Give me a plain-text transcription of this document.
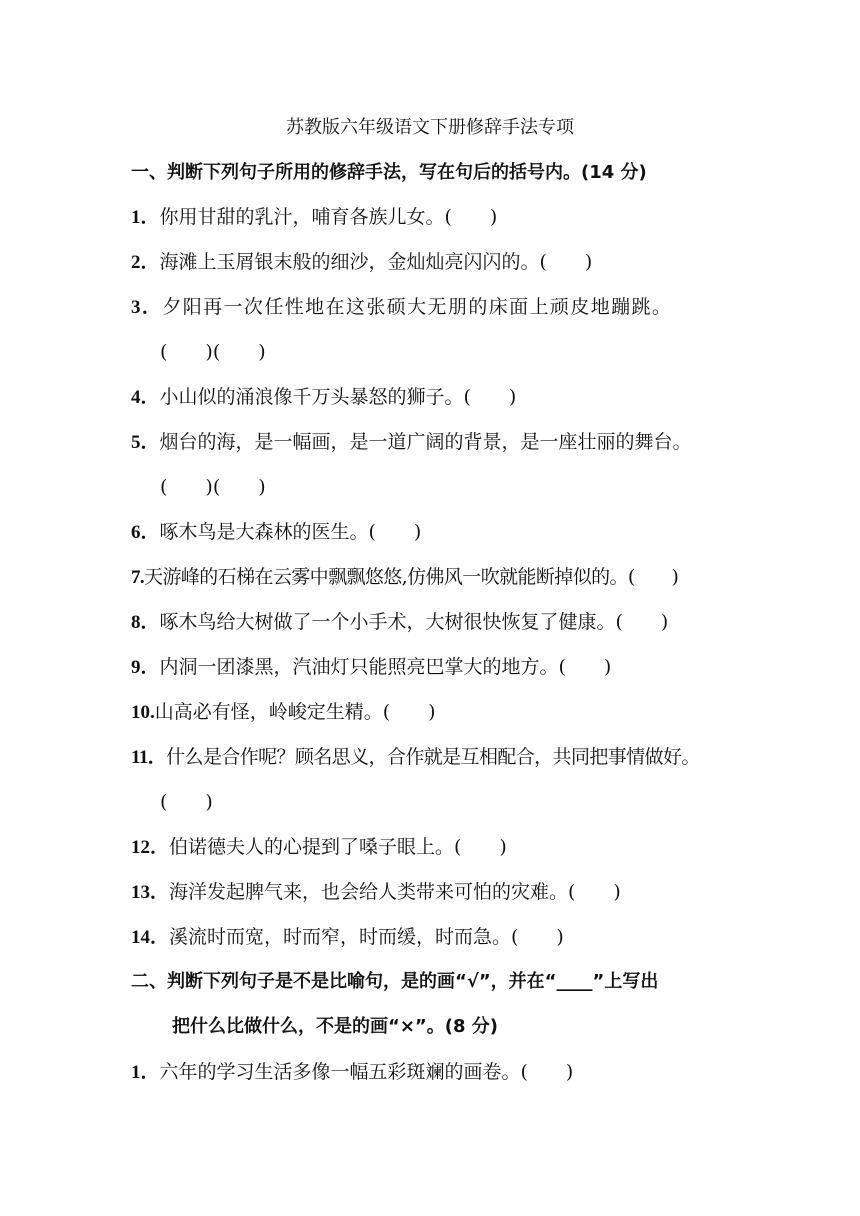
苏教版六年级语文下册修辞手法专项
一、判断下列句子所用的修辞手法，写在句后的括号内。(14 分)
1．你用甘甜的乳汁，哺育各族儿女。(　　)
2．海滩上玉屑银末般的细沙，金灿灿亮闪闪的。(　　)
3．夕阳再一次任性地在这张硕大无朋的床面上顽皮地蹦跳。
(　　)(　　)
4．小山似的涌浪像千万头暴怒的狮子。(　　)
5．烟台的海，是一幅画，是一道广阔的背景，是一座壮丽的舞台。
(　　)(　　)
6．啄木鸟是大森林的医生。(　　)
7.天游峰的石梯在云雾中飘飘悠悠,仿佛风一吹就能断掉似的。(　　)
8．啄木鸟给大树做了一个小手术，大树很快恢复了健康。(　　)
9．内洞一团漆黑，汽油灯只能照亮巴掌大的地方。(　　)
10.山高必有怪，岭峻定生精。(　　)
11．什么是合作呢？顾名思义，合作就是互相配合，共同把事情做好。
(　　)
12．伯诺德夫人的心提到了嗓子眼上。(　　)
13．海洋发起脾气来，也会给人类带来可怕的灾难。(　　)
14．溪流时而宽，时而窄，时而缓，时而急。(　　)
二、判断下列句子是不是比喻句，是的画“√”，并在“____”上写出
把什么比做什么，不是的画“×”。(8 分)
1．六年的学习生活多像一幅五彩斑斓的画卷。(　　)
